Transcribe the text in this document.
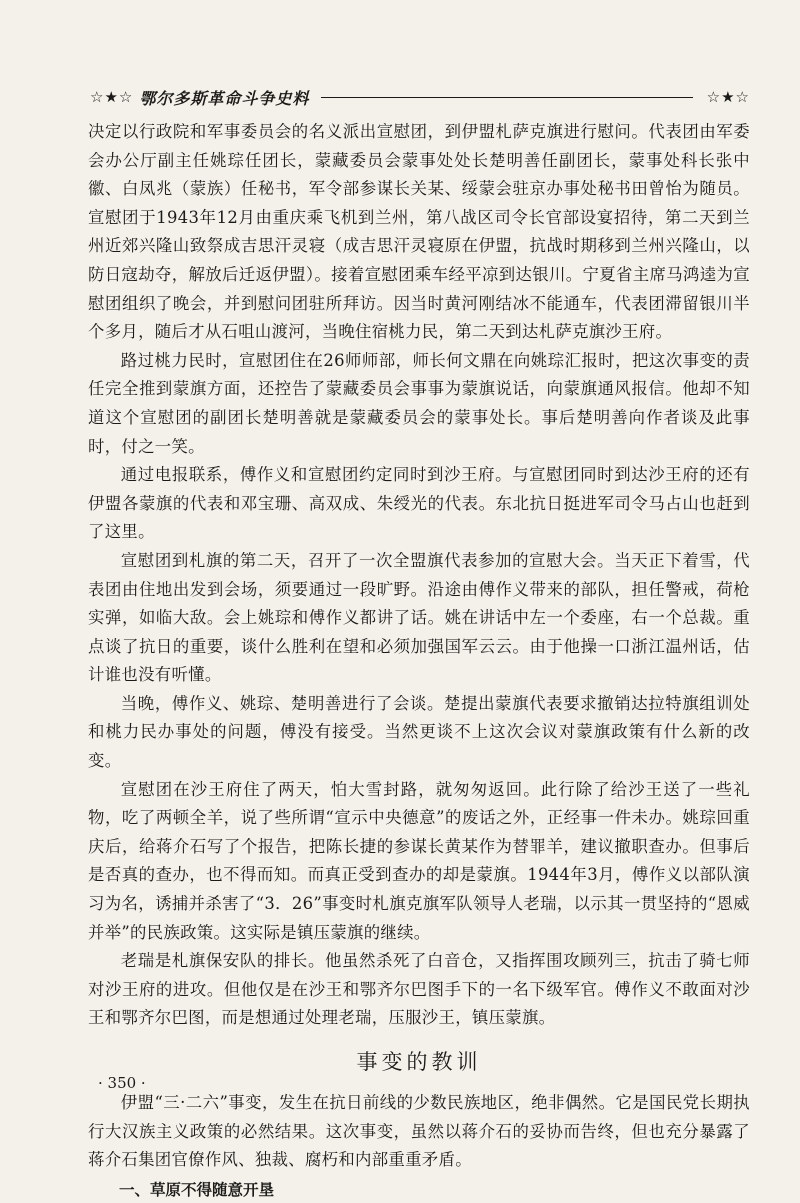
☆★☆ 鄂尔多斯革命斗争史料	☆★☆

决定以行政院和军事委员会的名义派出宣慰团，到伊盟札萨克旗进行慰问。代表团由军委会办公厅副主任姚琮任团长，蒙藏委员会蒙事处处长楚明善任副团长，蒙事处科长张中徽、白凤兆（蒙族）任秘书，军令部参谋长关某、绥蒙会驻京办事处秘书田曾怡为随员。宣慰团于1943年12月由重庆乘飞机到兰州，第八战区司令长官部设宴招待，第二天到兰州近郊兴隆山致祭成吉思汗灵寝（成吉思汗灵寝原在伊盟，抗战时期移到兰州兴隆山，以防日寇劫夺，解放后迁返伊盟）。接着宣慰团乘车经平凉到达银川。宁夏省主席马鸿逵为宣慰团组织了晚会，并到慰问团驻所拜访。因当时黄河刚结冰不能通车，代表团滞留银川半个多月，随后才从石咀山渡河，当晚住宿桃力民，第二天到达札萨克旗沙王府。

路过桃力民时，宣慰团住在26师师部，师长何文鼎在向姚琮汇报时，把这次事变的责任完全推到蒙旗方面，还控告了蒙藏委员会事事为蒙旗说话，向蒙旗通风报信。他却不知道这个宣慰团的副团长楚明善就是蒙藏委员会的蒙事处长。事后楚明善向作者谈及此事时，付之一笑。

通过电报联系，傅作义和宣慰团约定同时到沙王府。与宣慰团同时到达沙王府的还有伊盟各蒙旗的代表和邓宝珊、高双成、朱绶光的代表。东北抗日挺进军司令马占山也赶到了这里。

宣慰团到札旗的第二天，召开了一次全盟旗代表参加的宣慰大会。当天正下着雪，代表团由住地出发到会场，须要通过一段旷野。沿途由傅作义带来的部队，担任警戒，荷枪实弹，如临大敌。会上姚琮和傅作义都讲了话。姚在讲话中左一个委座，右一个总裁。重点谈了抗日的重要，谈什么胜利在望和必须加强国军云云。由于他操一口浙江温州话，估计谁也没有听懂。

当晚，傅作义、姚琮、楚明善进行了会谈。楚提出蒙旗代表要求撤销达拉特旗组训处和桃力民办事处的问题，傅没有接受。当然更谈不上这次会议对蒙旗政策有什么新的改变。

宣慰团在沙王府住了两天，怕大雪封路，就匆匆返回。此行除了给沙王送了一些礼物，吃了两顿全羊，说了些所谓“宣示中央德意”的废话之外，正经事一件未办。姚琮回重庆后，给蒋介石写了个报告，把陈长捷的参谋长黄某作为替罪羊，建议撤职查办。但事后是否真的查办，也不得而知。而真正受到查办的却是蒙旗。1944年3月，傅作义以部队演习为名，诱捕并杀害了“3．26”事变时札旗克旗军队领导人老瑞，以示其一贯坚持的“恩威并举”的民族政策。这实际是镇压蒙旗的继续。

老瑞是札旗保安队的排长。他虽然杀死了白音仓，又指挥围攻顾列三，抗击了骑七师对沙王府的进攻。但他仅是在沙王和鄂齐尔巴图手下的一名下级军官。傅作义不敢面对沙王和鄂齐尔巴图，而是想通过处理老瑞，压服沙王，镇压蒙旗。

事变的教训

伊盟“三·二六”事变，发生在抗日前线的少数民族地区，绝非偶然。它是国民党长期执行大汉族主义政策的必然结果。这次事变，虽然以蒋介石的妥协而告终，但也充分暴露了蒋介石集团官僚作风、独裁、腐朽和内部重重矛盾。

一、草原不得随意开垦
· 350 ·
